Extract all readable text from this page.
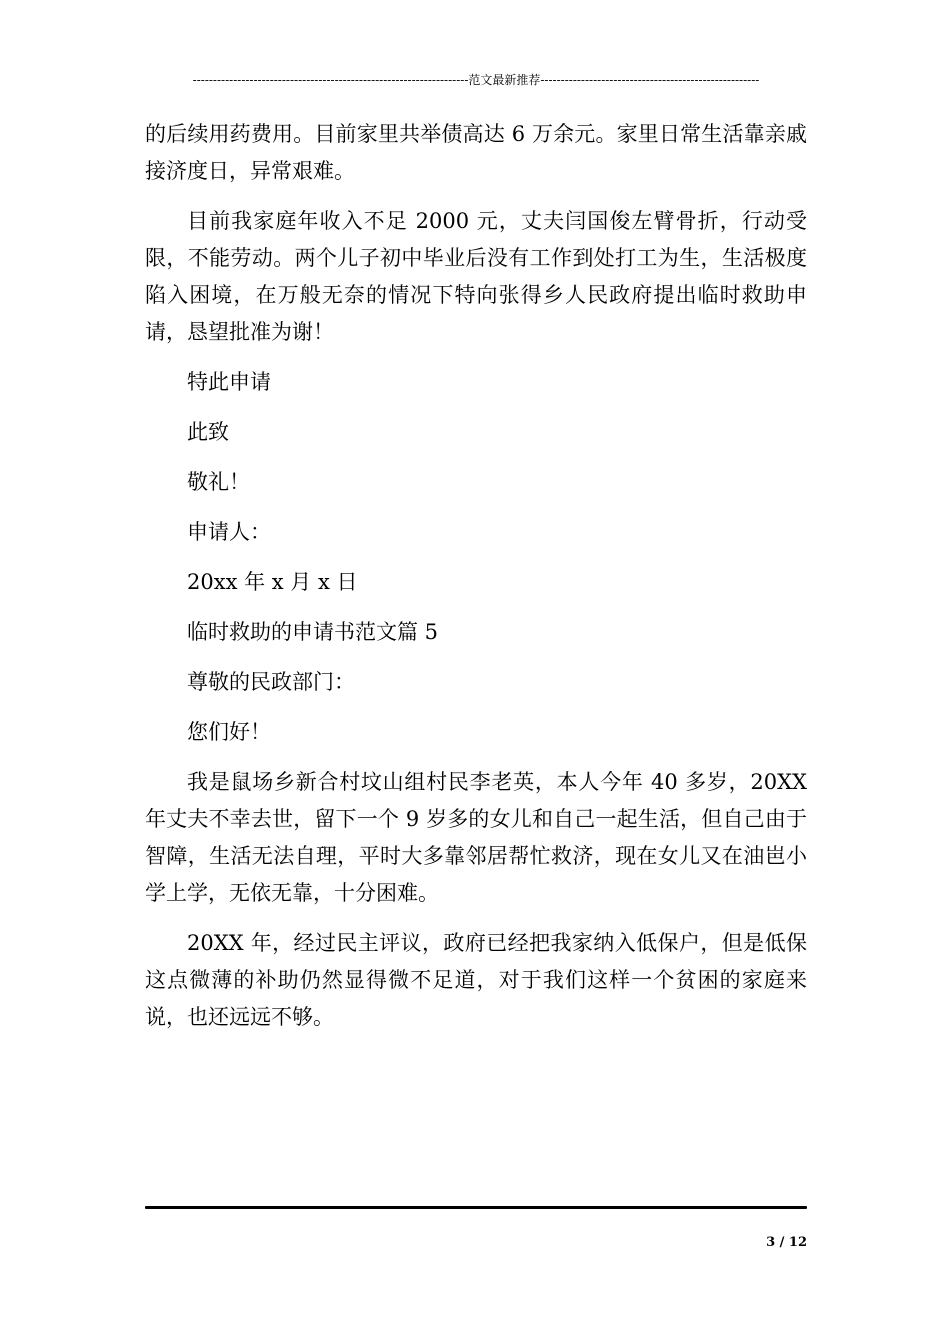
--------------------------------------------------------------------范文最新推荐------------------------------------------------------

的后续用药费用。目前家里共举债高达 6 万余元。家里日常生活靠亲戚接济度日，异常艰难。

目前我家庭年收入不足 2000 元，丈夫闫国俊左臂骨折，行动受限，不能劳动。两个儿子初中毕业后没有工作到处打工为生，生活极度陷入困境，在万般无奈的情况下特向张得乡人民政府提出临时救助申请，恳望批准为谢！

特此申请

此致

敬礼！

申请人：

20xx 年 x 月 x 日

临时救助的申请书范文篇 5

尊敬的民政部门：

您们好！

我是鼠场乡新合村坟山组村民李老英，本人今年 40 多岁，20XX 年丈夫不幸去世，留下一个 9 岁多的女儿和自己一起生活，但自己由于智障，生活无法自理，平时大多靠邻居帮忙救济，现在女儿又在油岜小学上学，无依无靠，十分困难。

20XX 年，经过民主评议，政府已经把我家纳入低保户，但是低保这点微薄的补助仍然显得微不足道，对于我们这样一个贫困的家庭来说，也还远远不够。

3 / 12
